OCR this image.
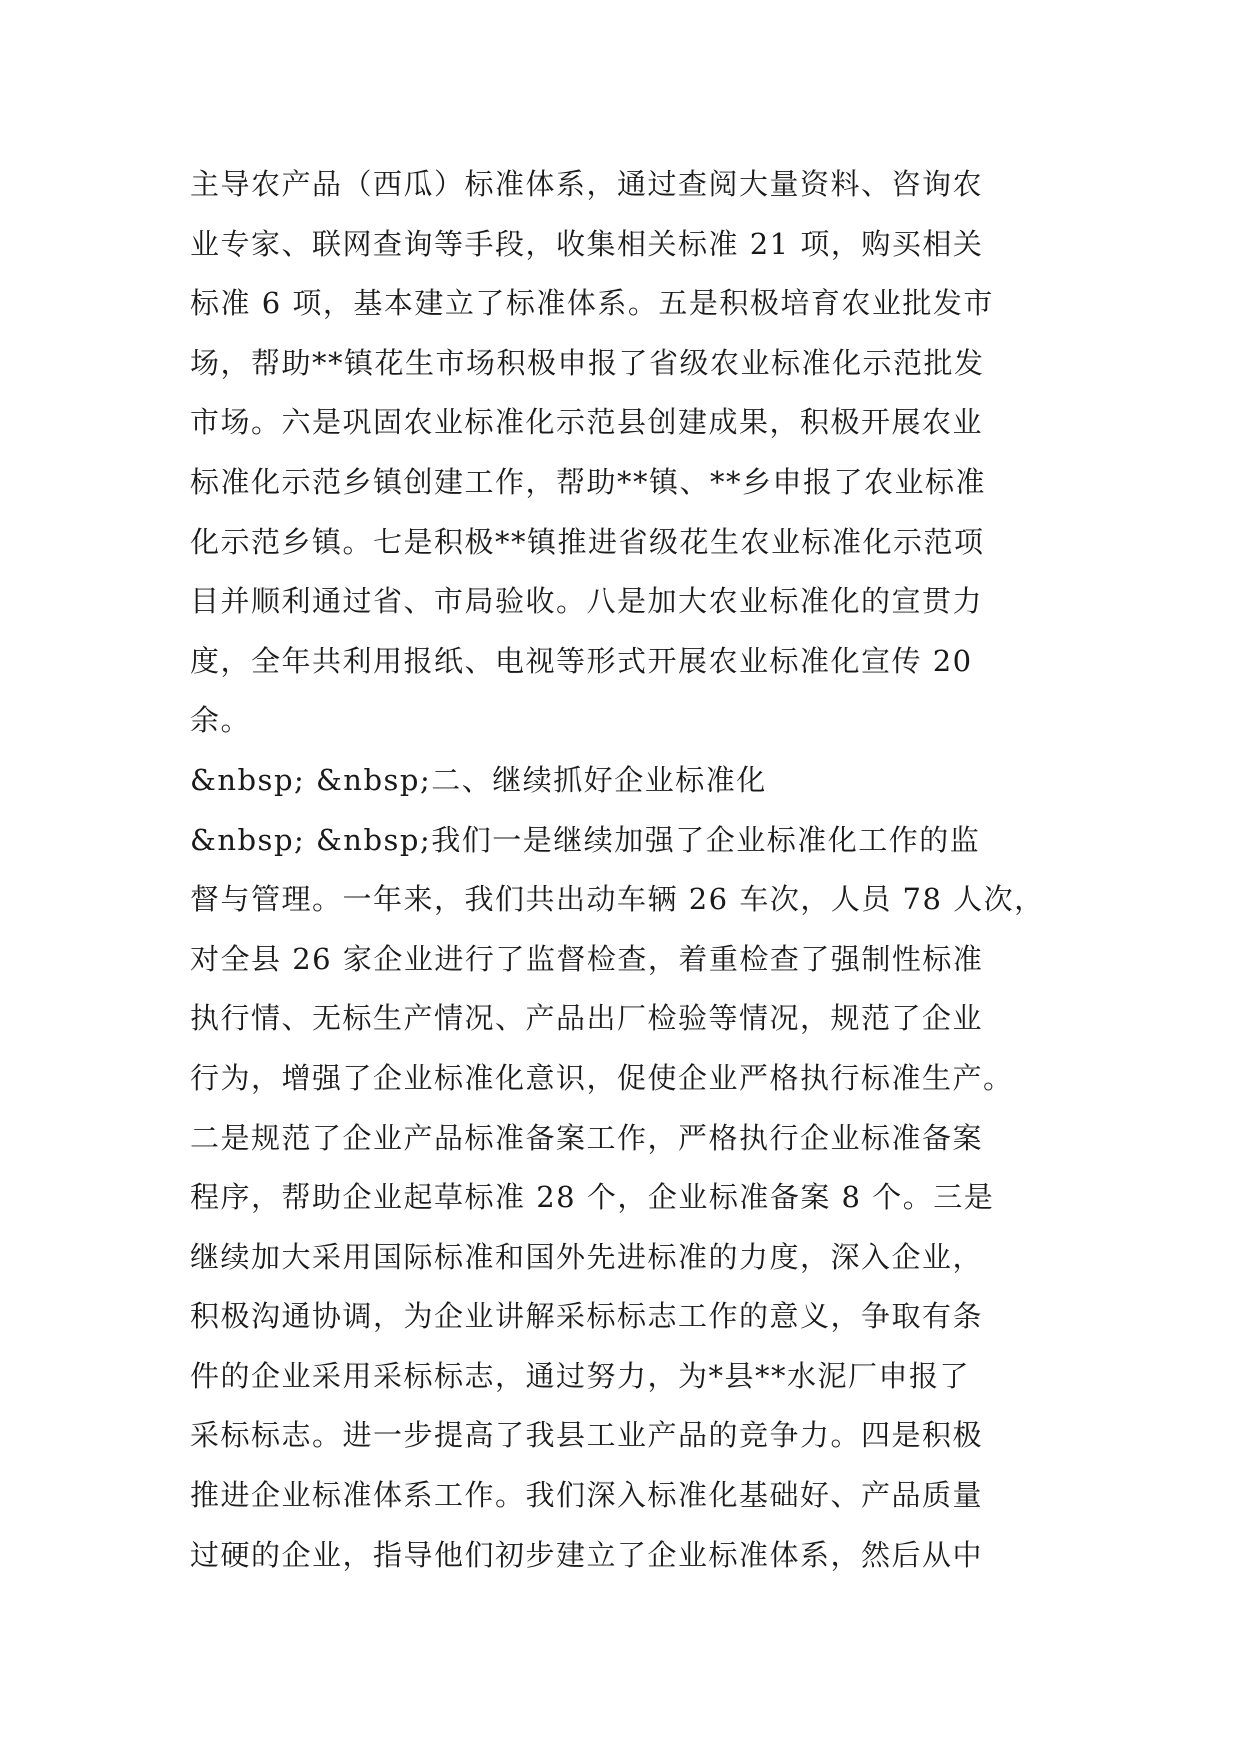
主导农产品（西瓜）标准体系，通过查阅大量资料、咨询农
业专家、联网查询等手段，收集相关标准 21 项，购买相关
标准 6 项，基本建立了标准体系。五是积极培育农业批发市
场，帮助**镇花生市场积极申报了省级农业标准化示范批发
市场。六是巩固农业标准化示范县创建成果，积极开展农业
标准化示范乡镇创建工作，帮助**镇、**乡申报了农业标准
化示范乡镇。七是积极**镇推进省级花生农业标准化示范项
目并顺利通过省、市局验收。八是加大农业标准化的宣贯力
度，全年共利用报纸、电视等形式开展农业标准化宣传 20
余。
&nbsp; &nbsp;二、继续抓好企业标准化
&nbsp; &nbsp;我们一是继续加强了企业标准化工作的监
督与管理。一年来，我们共出动车辆 26 车次，人员 78 人次，
对全县 26 家企业进行了监督检查，着重检查了强制性标准
执行情、无标生产情况、产品出厂检验等情况，规范了企业
行为，增强了企业标准化意识，促使企业严格执行标准生产。
二是规范了企业产品标准备案工作，严格执行企业标准备案
程序，帮助企业起草标准 28 个，企业标准备案 8 个。三是
继续加大采用国际标准和国外先进标准的力度，深入企业，
积极沟通协调，为企业讲解采标标志工作的意义，争取有条
件的企业采用采标标志，通过努力，为*县**水泥厂申报了
采标标志。进一步提高了我县工业产品的竞争力。四是积极
推进企业标准体系工作。我们深入标准化基础好、产品质量
过硬的企业，指导他们初步建立了企业标准体系，然后从中
